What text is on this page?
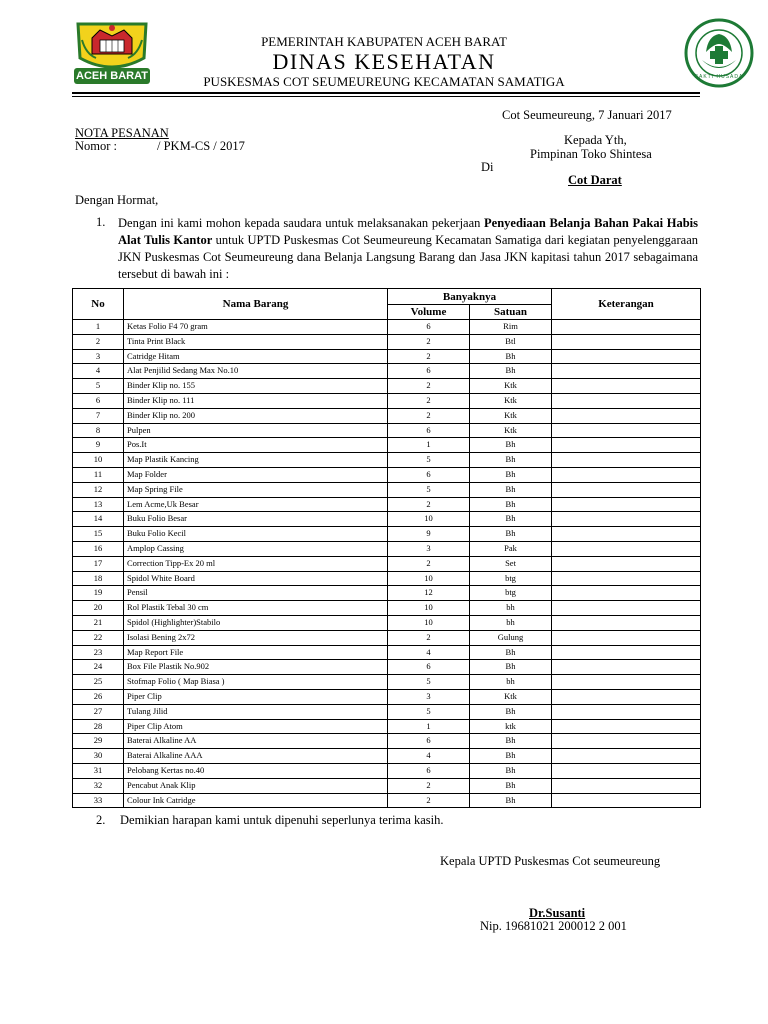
ACEH BARAT	BAKTI HUSADA
PEMERINTAH KABUPATEN ACEH BARAT
DINAS KESEHATAN
PUSKESMAS COT SEUMEUREUNG KECAMATAN SAMATIGA
Cot Seumeureung, 7 Januari 2017
NOTA PESANAN
Nomor :	/ PKM-CS / 2017	Kepada Yth,
Pimpinan Toko Shintesa
Di
Cot Darat
Dengan Hormat,
1. Dengan ini kami mohon kepada saudara untuk melaksanakan pekerjaan Penyediaan Belanja Bahan Pakai Habis Alat Tulis Kantor untuk UPTD Puskesmas Cot Seumeureung Kecamatan Samatiga dari kegiatan penyelenggaraan JKN Puskesmas Cot Seumeureung dana Belanja Langsung Barang dan Jasa JKN kapitasi tahun 2017 sebagaimana tersebut di bawah ini :
No	Nama Barang	Banyaknya		Keterangan
		Volume	Satuan	
1	Ketas Folio F4 70 gram	6	Rim	
2	Tinta Print Black	2	Btl	
3	Catridge Hitam	2	Bh	
4	Alat Penjilid Sedang Max No.10	6	Bh	
5	Binder Klip no. 155	2	Ktk	
6	Binder Klip no. 111	2	Ktk	
7	Binder Klip no. 200	2	Ktk	
8	Pulpen	6	Ktk	
9	Pos.It	1	Bh	
10	Map Plastik Kancing	5	Bh	
11	Map Folder	6	Bh	
12	Map Spring File	5	Bh	
13	Lem Acme,Uk Besar	2	Bh	
14	Buku Folio Besar	10	Bh	
15	Buku Folio Kecil	9	Bh	
16	Amplop Cassing	3	Pak	
17	Correction Tipp-Ex 20 ml	2	Set	
18	Spidol White Board	10	btg	
19	Pensil	12	btg	
20	Rol Plastik Tebal 30 cm	10	bh	
21	Spidol (Highlighter)Stabilo	10	bh	
22	Isolasi Bening 2x72	2	Gulung	
23	Map Report File	4	Bh	
24	Box File Plastik No.902	6	Bh	
25	Stofmap Folio ( Map Biasa )	5	bh	
26	Piper Clip	3	Ktk	
27	Tulang Jilid	5	Bh	
28	Piper Clip Atom	1	ktk	
29	Baterai Alkaline AA	6	Bh	
30	Baterai Alkaline AAA	4	Bh	
31	Pelobang Kertas no.40	6	Bh	
32	Pencabut Anak Klip	2	Bh	
33	Colour Ink Catridge	2	Bh	
2. Demikian harapan kami untuk dipenuhi seperlunya terima kasih.
Kepala UPTD Puskesmas Cot seumeureung
Dr.Susanti
Nip. 19681021 200012 2 001
